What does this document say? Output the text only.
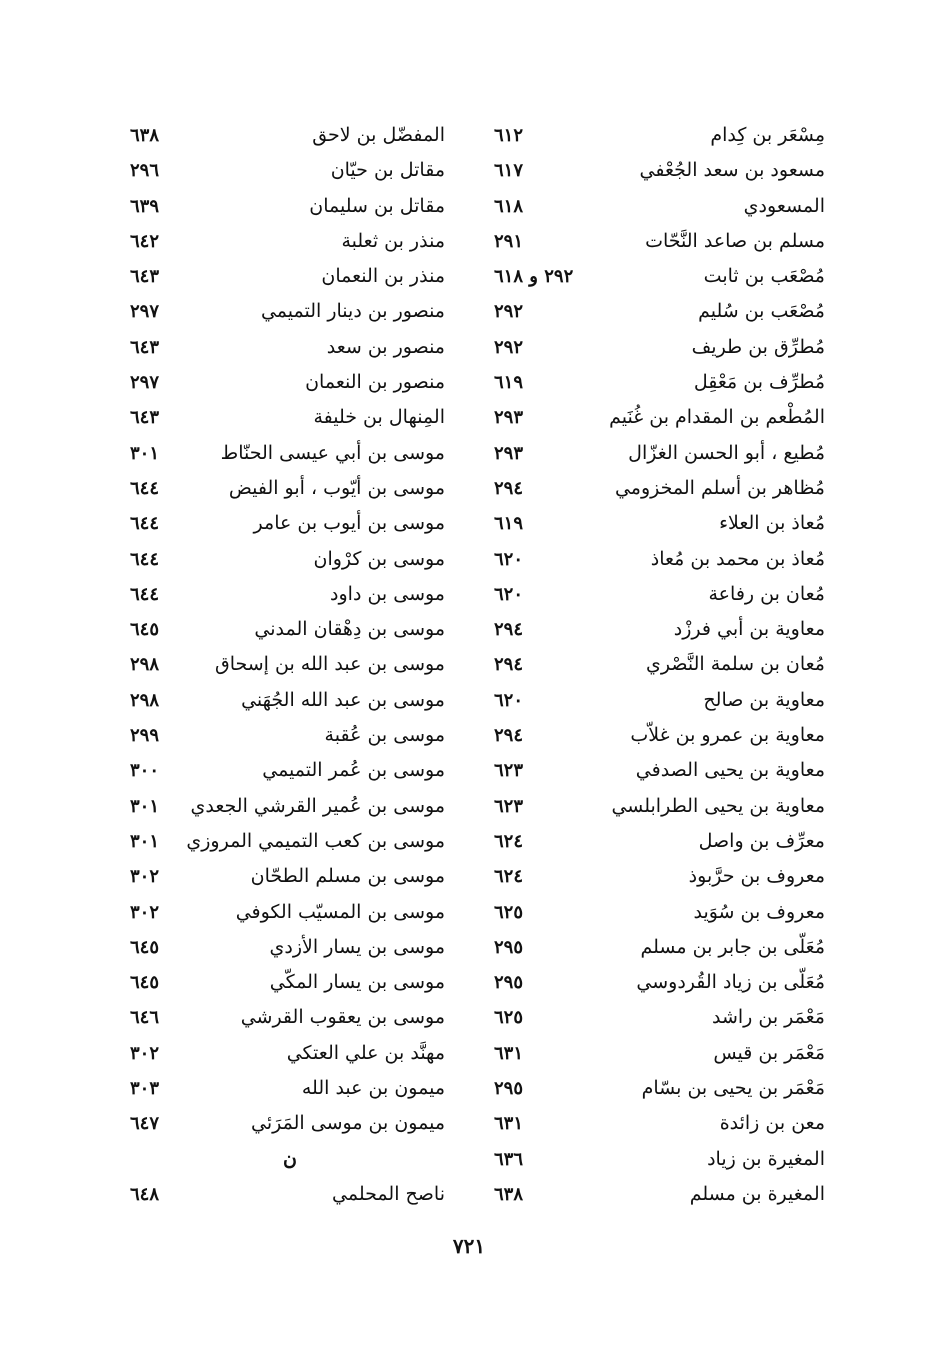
مِسْعَر بن كِدام
٦١٢
مسعود بن سعد الجُعْفي
٦١٧
المسعودي
٦١٨
مسلم بن صاعد النَّحّات
٢٩١
مُصْعَب بن ثابت
٢٩٢ و ٦١٨
مُصْعَب بن سُليم
٢٩٢
مُطرِّق بن طريف
٢٩٢
مُطرِّف بن مَعْقِل
٦١٩
المُطْعم بن المقدام بن غُنَيم
٢٩٣
مُطيع ، أبو الحسن الغزّال
٢٩٣
مُظاهر بن أسلم المخزومي
٢٩٤
مُعاذ بن العلاء
٦١٩
مُعاذ بن محمد بن مُعاذ
٦٢٠
مُعان بن رفاعة
٦٢٠
معاوية بن أبي فرزْد
٢٩٤
مُعان بن سلمة النَّصْري
٢٩٤
معاوية بن صالح
٦٢٠
معاوية بن عمرو بن غلاّب
٢٩٤
معاوية بن يحيى الصدفي
٦٢٣
معاوية بن يحيى الطرابلسي
٦٢٣
معرِّف بن واصل
٦٢٤
معروف بن حرَّبوذ
٦٢٤
معروف بن سُوَيد
٦٢٥
مُعَلّى بن جابر بن مسلم
٢٩٥
مُعَلّى بن زياد القُردوسي
٢٩٥
مَعْمَر بن راشد
٦٢٥
مَعْمَر بن قيس
٦٣١
مَعْمَر بن يحيى بن بسّام
٢٩٥
معن بن زائدة
٦٣١
المغيرة بن زياد
٦٣٦
المغيرة بن مسلم
٦٣٨
المفضّل بن لاحق
٦٣٨
مقاتل بن حيّان
٢٩٦
مقاتل بن سليمان
٦٣٩
منذر بن ثعلبة
٦٤٢
منذر بن النعمان
٦٤٣
منصور بن دينار التميمي
٢٩٧
منصور بن سعد
٦٤٣
منصور بن النعمان
٢٩٧
المِنهال بن خليفة
٦٤٣
موسى بن أبي عيسى الحنّاط
٣٠١
موسى بن أيّوب ، أبو الفيض
٦٤٤
موسى بن أيوب بن عامر
٦٤٤
موسى بن كرْوان
٦٤٤
موسى بن داود
٦٤٤
موسى بن دِهْقان المدني
٦٤٥
موسى بن عبد الله بن إسحاق
٢٩٨
موسى بن عبد الله الجُهَني
٢٩٨
موسى بن عُقبة
٢٩٩
موسى بن عُمر التميمي
٣٠٠
موسى بن عُمير القرشي الجعدي
٣٠١
موسى بن كعب التميمي المروزي
٣٠١
موسى بن مسلم الطحّان
٣٠٢
موسى بن المسيّب الكوفي
٣٠٢
موسى بن يسار الأزدي
٦٤٥
موسى بن يسار المكّي
٦٤٥
موسى بن يعقوب القرشي
٦٤٦
مهنَّد بن علي العتكي
٣٠٢
ميمون بن عبد الله
٣٠٣
ميمون بن موسى المَرَئي
٦٤٧
ن
ناصح المحلمي
٦٤٨
٧٢١
